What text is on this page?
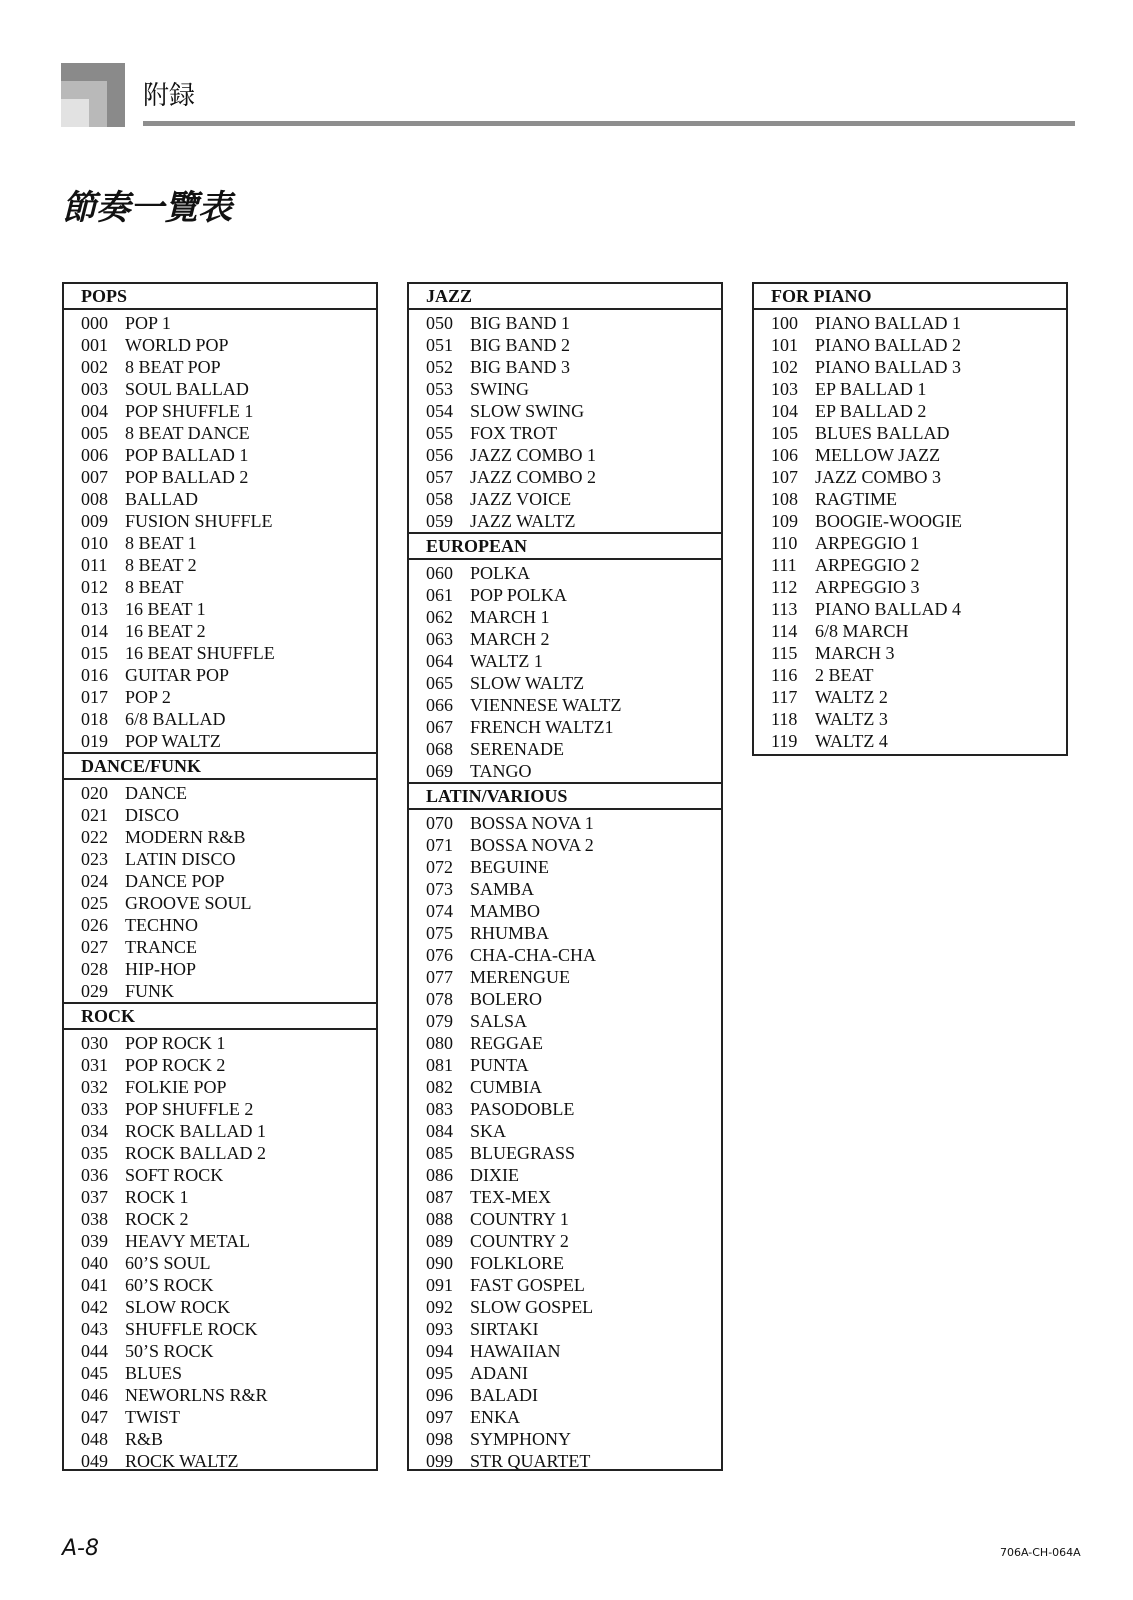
附録
節奏一覽表
POPS
000 POP 1
001 WORLD POP
002 8 BEAT POP
003 SOUL BALLAD
004 POP SHUFFLE 1
005 8 BEAT DANCE
006 POP BALLAD 1
007 POP BALLAD 2
008 BALLAD
009 FUSION SHUFFLE
010 8 BEAT 1
011 8 BEAT 2
012 8 BEAT
013 16 BEAT 1
014 16 BEAT 2
015 16 BEAT SHUFFLE
016 GUITAR POP
017 POP 2
018 6/8 BALLAD
019 POP WALTZ
DANCE/FUNK
020 DANCE
021 DISCO
022 MODERN R&B
023 LATIN DISCO
024 DANCE POP
025 GROOVE SOUL
026 TECHNO
027 TRANCE
028 HIP-HOP
029 FUNK
ROCK
030 POP ROCK 1
031 POP ROCK 2
032 FOLKIE POP
033 POP SHUFFLE 2
034 ROCK BALLAD 1
035 ROCK BALLAD 2
036 SOFT ROCK
037 ROCK 1
038 ROCK 2
039 HEAVY METAL
040 60’S SOUL
041 60’S ROCK
042 SLOW ROCK
043 SHUFFLE ROCK
044 50’S ROCK
045 BLUES
046 NEWORLNS R&R
047 TWIST
048 R&B
049 ROCK WALTZ
JAZZ
050 BIG BAND 1
051 BIG BAND 2
052 BIG BAND 3
053 SWING
054 SLOW SWING
055 FOX TROT
056 JAZZ COMBO 1
057 JAZZ COMBO 2
058 JAZZ VOICE
059 JAZZ WALTZ
EUROPEAN
060 POLKA
061 POP POLKA
062 MARCH 1
063 MARCH 2
064 WALTZ 1
065 SLOW WALTZ
066 VIENNESE WALTZ
067 FRENCH WALTZ1
068 SERENADE
069 TANGO
LATIN/VARIOUS
070 BOSSA NOVA 1
071 BOSSA NOVA 2
072 BEGUINE
073 SAMBA
074 MAMBO
075 RHUMBA
076 CHA-CHA-CHA
077 MERENGUE
078 BOLERO
079 SALSA
080 REGGAE
081 PUNTA
082 CUMBIA
083 PASODOBLE
084 SKA
085 BLUEGRASS
086 DIXIE
087 TEX-MEX
088 COUNTRY 1
089 COUNTRY 2
090 FOLKLORE
091 FAST GOSPEL
092 SLOW GOSPEL
093 SIRTAKI
094 HAWAIIAN
095 ADANI
096 BALADI
097 ENKA
098 SYMPHONY
099 STR QUARTET
FOR PIANO
100 PIANO BALLAD 1
101 PIANO BALLAD 2
102 PIANO BALLAD 3
103 EP BALLAD 1
104 EP BALLAD 2
105 BLUES BALLAD
106 MELLOW JAZZ
107 JAZZ COMBO 3
108 RAGTIME
109 BOOGIE-WOOGIE
110 ARPEGGIO 1
111 ARPEGGIO 2
112 ARPEGGIO 3
113 PIANO BALLAD 4
114 6/8 MARCH
115 MARCH 3
116 2 BEAT
117 WALTZ 2
118 WALTZ 3
119 WALTZ 4
A-8	706A-CH-064A
